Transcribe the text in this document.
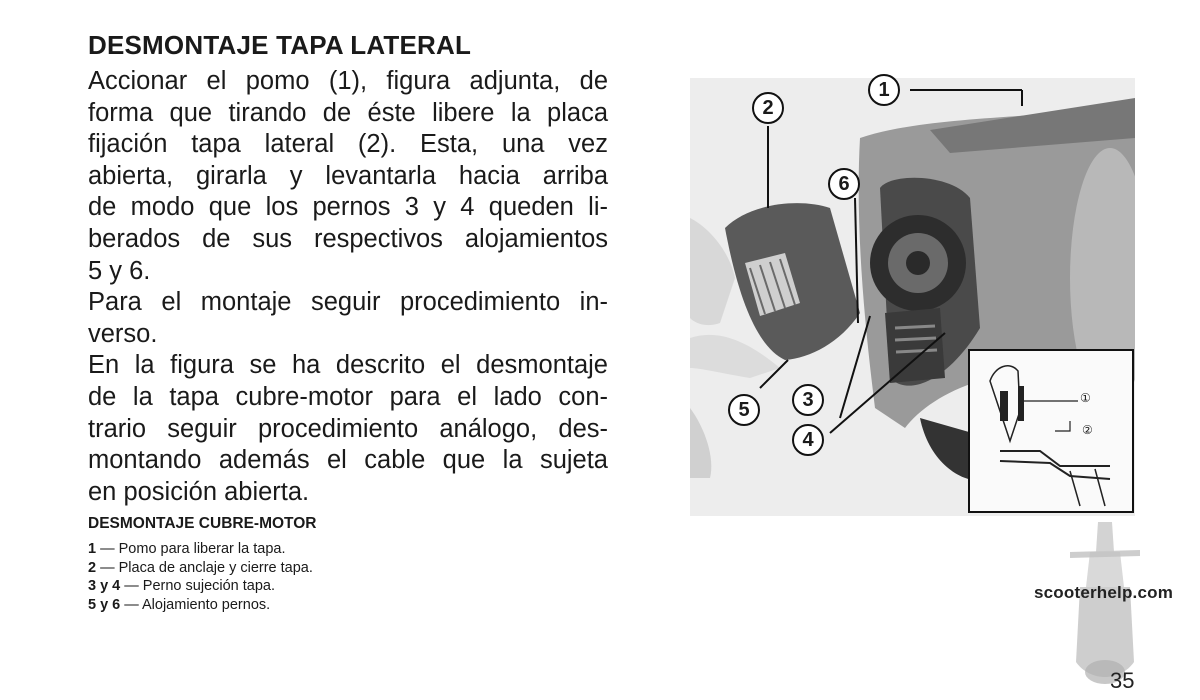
DESMONTAJE TAPA LATERAL
Accionar el pomo (1), figura adjunta, de
forma que tirando de éste libere la placa
fijación tapa lateral (2). Esta, una vez
abierta, girarla y levantarla hacia arriba
de modo que los pernos 3 y 4 queden li-
berados de sus respectivos alojamientos
5 y 6.
Para el montaje seguir procedimiento in-
verso.
En la figura se ha descrito el desmontaje
de la tapa cubre-motor para el lado con-
trario seguir procedimiento análogo, des-
montando además el cable que la sujeta
en posición abierta.
DESMONTAJE CUBRE-MOTOR
1 — Pomo para liberar la tapa.
2 — Placa de anclaje y cierre tapa.
3 y 4 — Perno sujeción tapa.
5 y 6 — Alojamiento pernos.
1
2
3
4
5
6
①
②
scooterhelp.com
35
